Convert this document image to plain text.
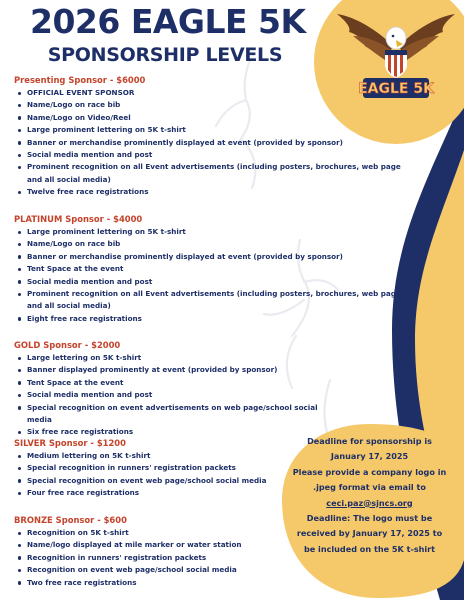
2026 EAGLE 5K
SPONSORSHIP LEVELS
EAGLE 5K
Presenting Sponsor - $6000
OFFICIAL EVENT SPONSOR
Name/Logo on race bib
Name/Logo on Video/Reel
Large prominent lettering on 5K t-shirt
Banner or merchandise prominently displayed at event (provided by sponsor)
Social media mention and post
Prominent recognition on all Event advertisements (including posters, brochures, web page and all social media)
Twelve free race registrations
PLATINUM Sponsor - $4000
Large prominent lettering on 5K t-shirt
Name/Logo on race bib
Banner or merchandise prominently displayed at event (provided by sponsor)
Tent Space at the event
Social media mention and post
Prominent recognition on all Event advertisements (including posters, brochures, web page and all social media)
Eight free race registrations
GOLD Sponsor - $2000
Large lettering on 5K t-shirt
Banner displayed prominently at event (provided by sponsor)
Tent Space at the event
Social media mention and post
Special recognition on event advertisements on web page/school social media
Six free race registrations
SILVER Sponsor - $1200
Medium lettering on 5K t-shirt
Special recognition in runners' registration packets
Special recognition on event web page/school social media
Four free race registrations
BRONZE Sponsor - $600
Recognition on 5K t-shirt
Name/logo displayed at mile marker or water station
Recognition in runners' registration packets
Recognition on event web page/school social media
Two free race registrations
Deadline for sponsorship is
January 17, 2025
Please provide a company logo in
.jpeg format via email to
ceci.paz@sjncs.org
Deadline: The logo must be
received by January 17, 2025 to
be included on the 5K t-shirt
